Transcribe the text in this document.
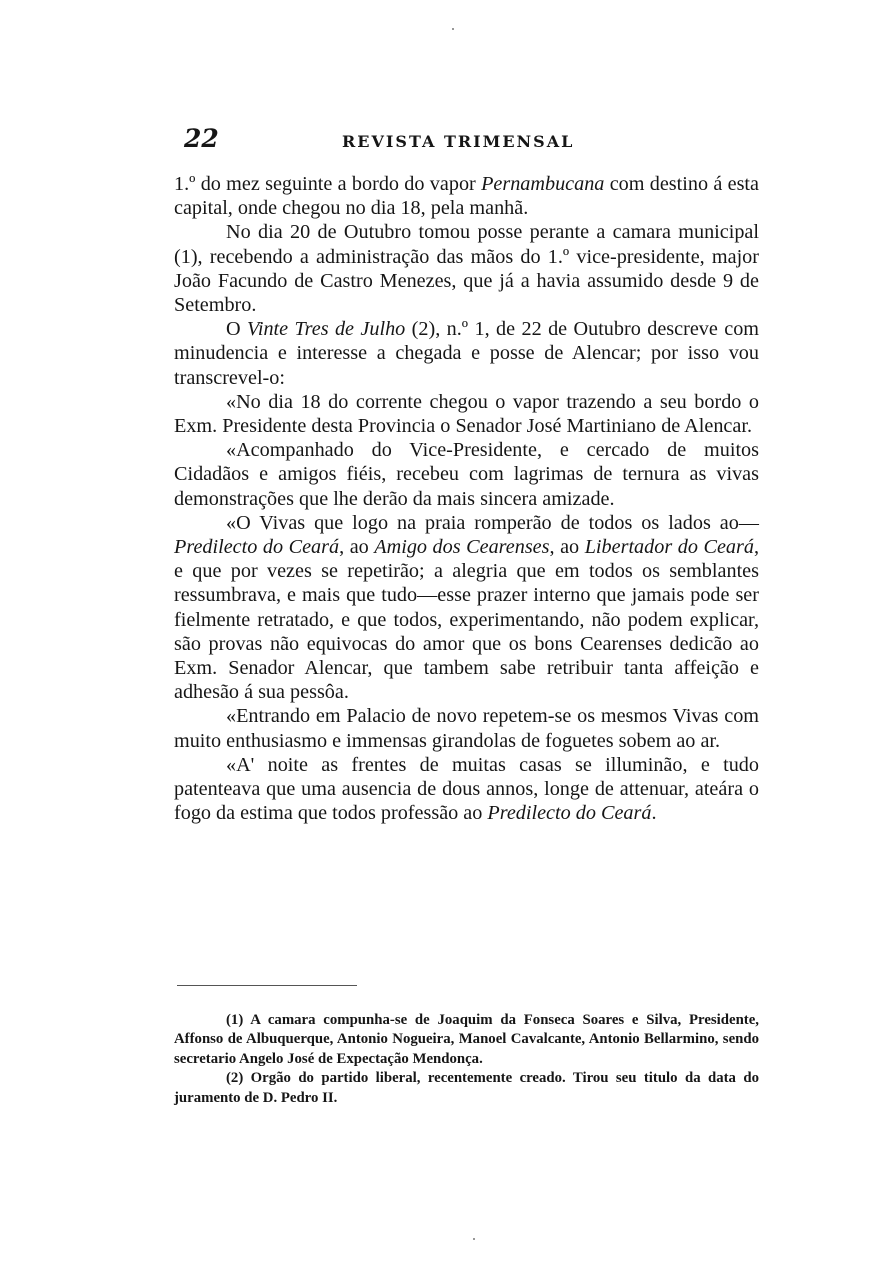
22	REVISTA TRIMENSAL

1.º do mez seguinte a bordo do vapor Pernambucana com destino á esta capital, onde chegou no dia 18, pela manhã.

No dia 20 de Outubro tomou posse perante a camara municipal (1), recebendo a administração das mãos do 1.º vice-presidente, major João Facundo de Castro Menezes, que já a havia assumido desde 9 de Setembro.

O Vinte Tres de Julho (2), n.º 1, de 22 de Outubro descreve com minudencia e interesse a chegada e posse de Alencar; por isso vou transcrevel-o:

«No dia 18 do corrente chegou o vapor trazendo a seu bordo o Exm. Presidente desta Provincia o Senador José Martiniano de Alencar.

«Acompanhado do Vice-Presidente, e cercado de muitos Cidadãos e amigos fiéis, recebeu com lagrimas de ternura as vivas demonstrações que lhe derão da mais sincera amizade.

«O Vivas que logo na praia romperão de todos os lados ao—Predilecto do Ceará, ao Amigo dos Cearenses, ao Libertador do Ceará, e que por vezes se repetirão; a alegria que em todos os semblantes ressumbrava, e mais que tudo—esse prazer interno que jamais pode ser fielmente retratado, e que todos, experimentando, não podem explicar, são provas não equivocas do amor que os bons Cearenses dedicão ao Exm. Senador Alencar, que tambem sabe retribuir tanta affeição e adhesão á sua pessôa.

«Entrando em Palacio de novo repetem-se os mesmos Vivas com muito enthusiasmo e immensas girandolas de foguetes sobem ao ar.

«A' noite as frentes de muitas casas se illuminão, e tudo patenteava que uma ausencia de dous annos, longe de attenuar, ateára o fogo da estima que todos professão ao Predilecto do Ceará.

(1) A camara compunha-se de Joaquim da Fonseca Soares e Silva, Presidente, Affonso de Albuquerque, Antonio Nogueira, Manoel Cavalcante, Antonio Bellarmino, sendo secretario Angelo José de Expectação Mendonça.

(2) Orgão do partido liberal, recentemente creado. Tirou seu titulo da data do juramento de D. Pedro II.
